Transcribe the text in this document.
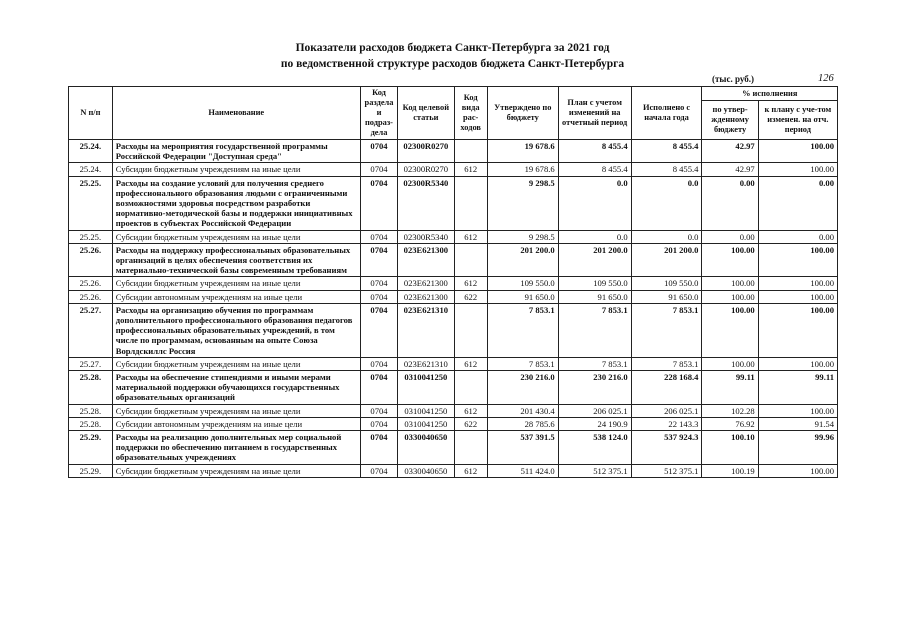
Показатели расходов бюджета Санкт-Петербурга за 2021 год
по ведомственной структуре расходов бюджета Санкт-Петербурга
(тыс. руб.)	126
N п/п	Наименование	Код раздела и подраз-дела	Код целевой статьи	Код вида рас-ходов	Утверждено по бюджету	План с учетом изменений на отчетный период	Исполнено с начала года	% исполнения	
								по утвер-жденному бюджету	к плану с уче-том изменен. на отч. период
25.24.	Расходы на мероприятия государственной программы Российской Федерации "Доступная среда"	0704	02300R0270		19 678.6	8 455.4	8 455.4	42.97	100.00
25.24.	Субсидии бюджетным учреждениям на иные цели	0704	02300R0270	612	19 678.6	8 455.4	8 455.4	42.97	100.00
25.25.	Расходы на создание условий для получения среднего профессионального образования людьми с ограниченными возможностями здоровья посредством разработки нормативно-методической базы и поддержки инициативных проектов в субъектах Российской Федерации	0704	02300R5340		9 298.5	0.0	0.0	0.00	0.00
25.25.	Субсидии бюджетным учреждениям на иные цели	0704	02300R5340	612	9 298.5	0.0	0.0	0.00	0.00
25.26.	Расходы на поддержку профессиональных образовательных организаций в целях обеспечения соответствия их материально-технической базы современным требованиям	0704	023E621300		201 200.0	201 200.0	201 200.0	100.00	100.00
25.26.	Субсидии бюджетным учреждениям на иные цели	0704	023E621300	612	109 550.0	109 550.0	109 550.0	100.00	100.00
25.26.	Субсидии автономным учреждениям на иные цели	0704	023E621300	622	91 650.0	91 650.0	91 650.0	100.00	100.00
25.27.	Расходы на организацию обучения по программам дополнительного профессионального образования педагогов профессиональных образовательных учреждений, в том числе по программам, основанным на опыте Союза Ворлдскиллс Россия	0704	023E621310		7 853.1	7 853.1	7 853.1	100.00	100.00
25.27.	Субсидии бюджетным учреждениям на иные цели	0704	023E621310	612	7 853.1	7 853.1	7 853.1	100.00	100.00
25.28.	Расходы на обеспечение стипендиями и иными мерами материальной поддержки обучающихся государственных образовательных организаций	0704	0310041250		230 216.0	230 216.0	228 168.4	99.11	99.11
25.28.	Субсидии бюджетным учреждениям на иные цели	0704	0310041250	612	201 430.4	206 025.1	206 025.1	102.28	100.00
25.28.	Субсидии автономным учреждениям на иные цели	0704	0310041250	622	28 785.6	24 190.9	22 143.3	76.92	91.54
25.29.	Расходы на реализацию дополнительных мер социальной поддержки по обеспечению питанием в государственных образовательных учреждениях	0704	0330040650		537 391.5	538 124.0	537 924.3	100.10	99.96
25.29.	Субсидии бюджетным учреждениям на иные цели	0704	0330040650	612	511 424.0	512 375.1	512 375.1	100.19	100.00
